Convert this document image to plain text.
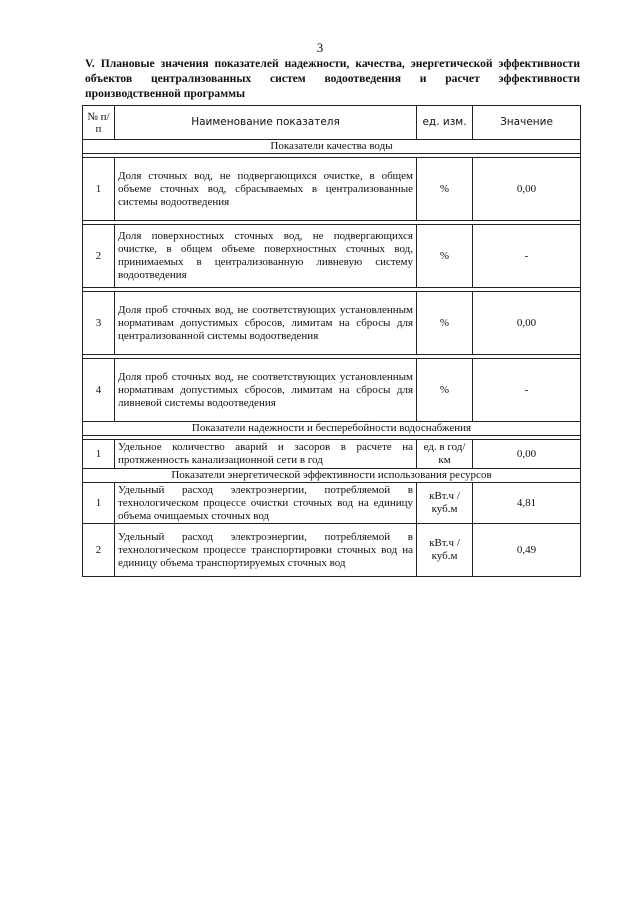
3

V. Плановые значения показателей надежности, качества, энергетической эффективности объектов централизованных систем водоотведения и расчет эффективности производственной программы

№ п/п	Наименование показателя	ед. изм.	Значение
Показатели качества воды			

1	Доля сточных вод, не подвергающихся очистке, в общем объеме сточных вод, сбрасываемых в централизованные системы водоотведения	%	0,00

2	Доля поверхностных сточных вод, не подвергающихся очистке, в общем объеме поверхностных сточных вод, принимаемых в централизованную ливневую систему водоотведения	%	-

3	Доля проб сточных вод, не соответствующих установленным нормативам допустимых сбросов, лимитам на сбросы для централизованной системы водоотведения	%	0,00

4	Доля проб сточных вод, не соответствующих установленным нормативам допустимых сбросов, лимитам на сбросы для ливневой системы водоотведения	%	-
Показатели надежности и бесперебойности водоснабжения			

1	Удельное количество аварий и засоров в расчете на протяженность канализационной сети в год	ед. в год/ км	0,00
Показатели энергетической эффективности использования ресурсов			
1	Удельный расход электроэнергии, потребляемой в технологическом процессе очистки сточных вод на единицу объема очищаемых сточных вод	кВт.ч / куб.м	4,81
2	Удельный расход электроэнергии, потребляемой в технологическом процессе транспортировки сточных вод на единицу объема транспортируемых сточных вод	кВт.ч / куб.м	0,49
